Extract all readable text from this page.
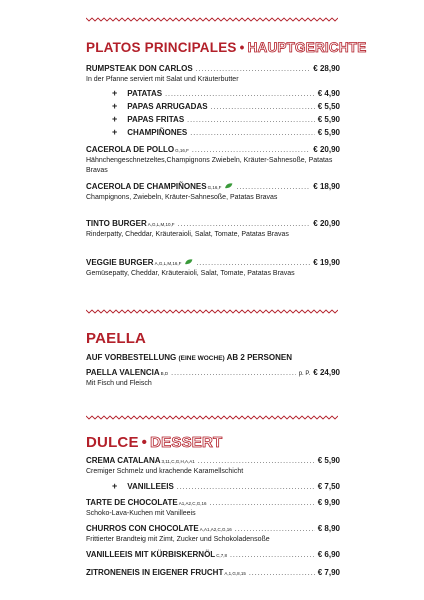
PLATOS PRINCIPALES • HAUPTGERICHTE
RUMPSTEAK DON CARLOS .....	€ 28,90
In der Pfanne serviert mit Salat und Kräuterbutter
+ PATATAS .....	€ 4,90
+ PAPAS ARRUGADAS .....	€ 5,50
+ PAPAS FRITAS .....	€ 5,90
+ CHAMPIÑONES .....	€ 5,90
CACEROLA DE POLLO G,16,F .....	€ 20,90
Hähnchengeschnetzeltes,Champignons Zwiebeln, Kräuter-Sahnesoße, Patatas Bravas
CACEROLA DE CHAMPIÑONES G,16,F .....	€ 18,90
Champignons, Zwiebeln, Kräuter-Sahnesoße, Patatas Bravas
TINTO BURGER A,G,L,M,10,F .....	€ 20,90
Rinderpatty, Cheddar, Kräuteraioli, Salat, Tomate, Patatas Bravas
VEGGIE BURGER A,G,L,M,16,F .....	€ 19,90
Gemüsepatty, Cheddar, Kräuteraioli, Salat, Tomate, Patatas Bravas
PAELLA
AUF VORBESTELLUNG (EINE WOCHE) AB 2 PERSONEN
PAELLA VALENCIA B,D .....	p. P. € 24,90
Mit Fisch und Fleisch
DULCE • DESSERT
CREMA CATALANA 3,11,C,G,H,A,A1 .....	€ 5,90
Cremiger Schmelz und krachende Karamellschicht
+ VANILLEEIS .....	€ 7,50
TARTE DE CHOCOLATE A1,A2,C,G,16 .....	€ 9,90
Schoko-Lava-Kuchen mit Vanilleeis
CHURROS CON CHOCOLATE A,A1,A2,C,G,16 .....	€ 8,90
Frittierter Brandteig mit Zimt, Zucker und Schokoladensoße
VANILLEEIS MIT KÜRBISKERNÖL C,7,8 .....	€ 6,90
ZITRONENEIS IN EIGENER FRUCHT A,1,G,8,15 .....	€ 7,90
